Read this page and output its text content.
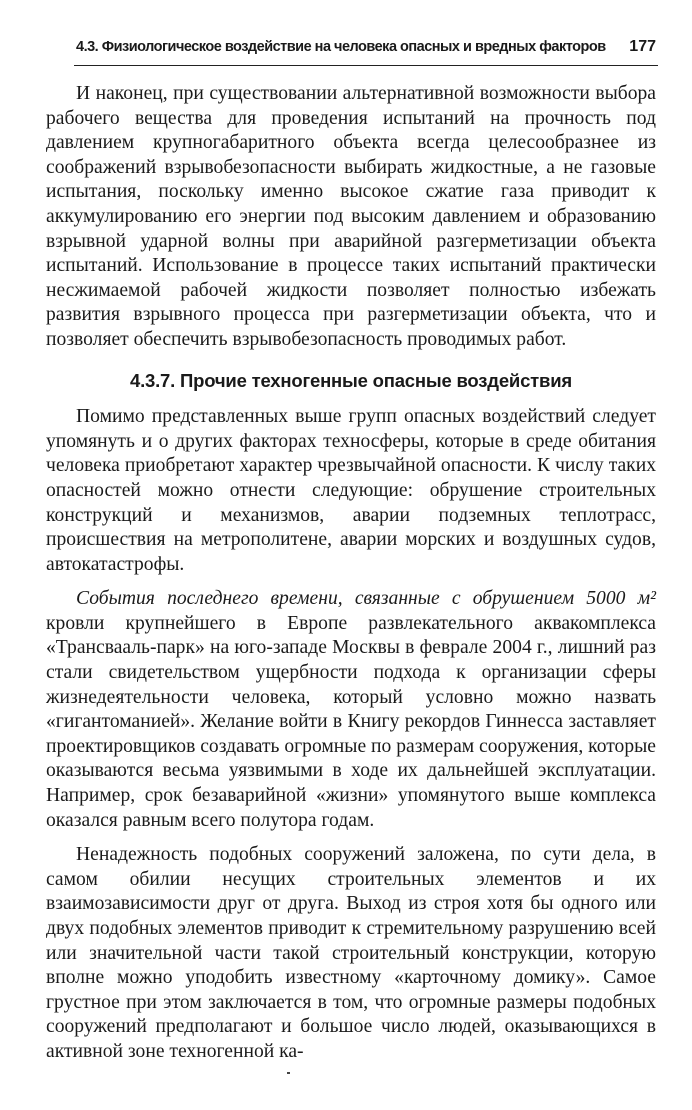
4.3. Физиологическое воздействие на человека опасных и вредных факторов 177

И наконец, при существовании альтернативной возможности выбора рабочего вещества для проведения испытаний на прочность под давлением крупногабаритного объекта всегда целесообразнее из соображений взрывобезопасности выбирать жидкостные, а не газовые испытания, поскольку именно высокое сжатие газа приводит к аккумулированию его энергии под высоким давлением и образованию взрывной ударной волны при аварийной разгерметизации объекта испытаний. Использование в процессе таких испытаний практически несжимаемой рабочей жидкости позволяет полностью избежать развития взрывного процесса при разгерметизации объекта, что и позволяет обеспечить взрывобезопасность проводимых работ.

4.3.7. Прочие техногенные опасные воздействия

Помимо представленных выше групп опасных воздействий следует упомянуть и о других факторах техносферы, которые в среде обитания человека приобретают характер чрезвычайной опасности. К числу таких опасностей можно отнести следующие: обрушение строительных конструкций и механизмов, аварии подземных теплотрасс, происшествия на метрополитене, аварии морских и воздушных судов, автокатастрофы.

События последнего времени, связанные с обрушением 5000 м² кровли крупнейшего в Европе развлекательного аквакомплекса «Трансвааль-парк» на юго-западе Москвы в феврале 2004 г., лишний раз стали свидетельством ущербности подхода к организации сферы жизнедеятельности человека, который условно можно назвать «гигантоманией». Желание войти в Книгу рекордов Гиннесса заставляет проектировщиков создавать огромные по размерам сооружения, которые оказываются весьма уязвимыми в ходе их дальнейшей эксплуатации. Например, срок безаварийной «жизни» упомянутого выше комплекса оказался равным всего полутора годам.

Ненадежность подобных сооружений заложена, по сути дела, в самом обилии несущих строительных элементов и их взаимозависимости друг от друга. Выход из строя хотя бы одного или двух подобных элементов приводит к стремительному разрушению всей или значительной части такой строительный конструкции, которую вполне можно уподобить известному «карточному домику». Самое грустное при этом заключается в том, что огромные размеры подобных сооружений предполагают и большое число людей, оказывающихся в активной зоне техногенной ка-
